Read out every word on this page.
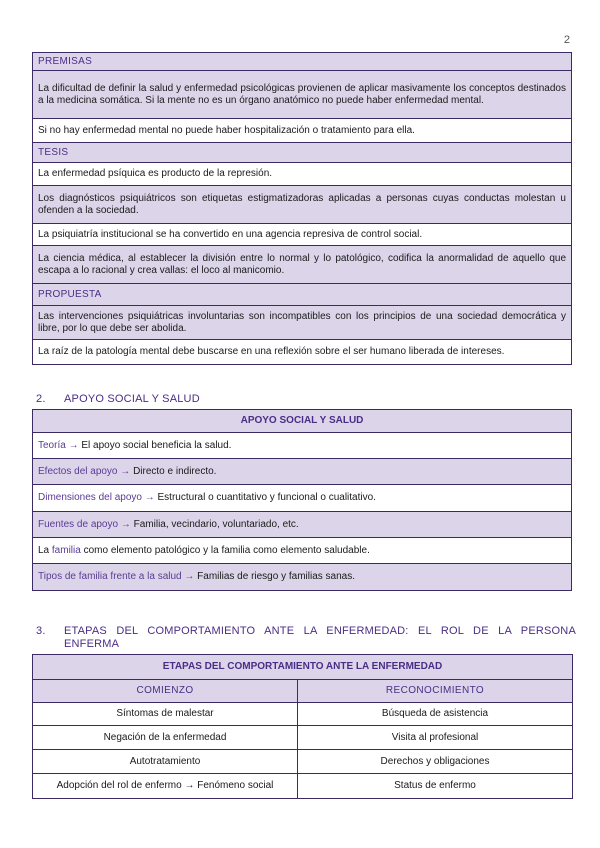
2
PREMISAS
La dificultad de definir la salud y enfermedad psicológicas provienen de aplicar masivamente los conceptos destinados a la medicina somática. Si la mente no es un órgano anatómico no puede haber enfermedad mental.
Si no hay enfermedad mental no puede haber hospitalización o tratamiento para ella.
TESIS
La enfermedad psíquica es producto de la represión.
Los diagnósticos psiquiátricos son etiquetas estigmatizadoras aplicadas a personas cuyas conductas molestan u ofenden a la sociedad.
La psiquiatría institucional se ha convertido en una agencia represiva de control social.
La ciencia médica, al establecer la división entre lo normal y lo patológico, codifica la anormalidad de aquello que escapa a lo racional y crea vallas: el loco al manicomio.
PROPUESTA
Las intervenciones psiquiátricas involuntarias son incompatibles con los principios de una sociedad democrática y libre, por lo que debe ser abolida.
La raíz de la patología mental debe buscarse en una reflexión sobre el ser humano liberada de intereses.
2. APOYO SOCIAL Y SALUD
APOYO SOCIAL Y SALUD
Teoría → El apoyo social beneficia la salud.
Efectos del apoyo → Directo e indirecto.
Dimensiones del apoyo → Estructural o cuantitativo y funcional o cualitativo.
Fuentes de apoyo → Familia, vecindario, voluntariado, etc.
La familia como elemento patológico y la familia como elemento saludable.
Tipos de familia frente a la salud → Familias de riesgo y familias sanas.
3.	ETAPAS DEL COMPORTAMIENTO ANTE LA ENFERMEDAD: EL ROL DE LA PERSONA
ENFERMA
ETAPAS DEL COMPORTAMIENTO ANTE LA ENFERMEDAD	
COMIENZO	RECONOCIMIENTO
Síntomas de malestar	Búsqueda de asistencia
Negación de la enfermedad	Visita al profesional
Autotratamiento	Derechos y obligaciones
Adopción del rol de enfermo → Fenómeno social	Status de enfermo
